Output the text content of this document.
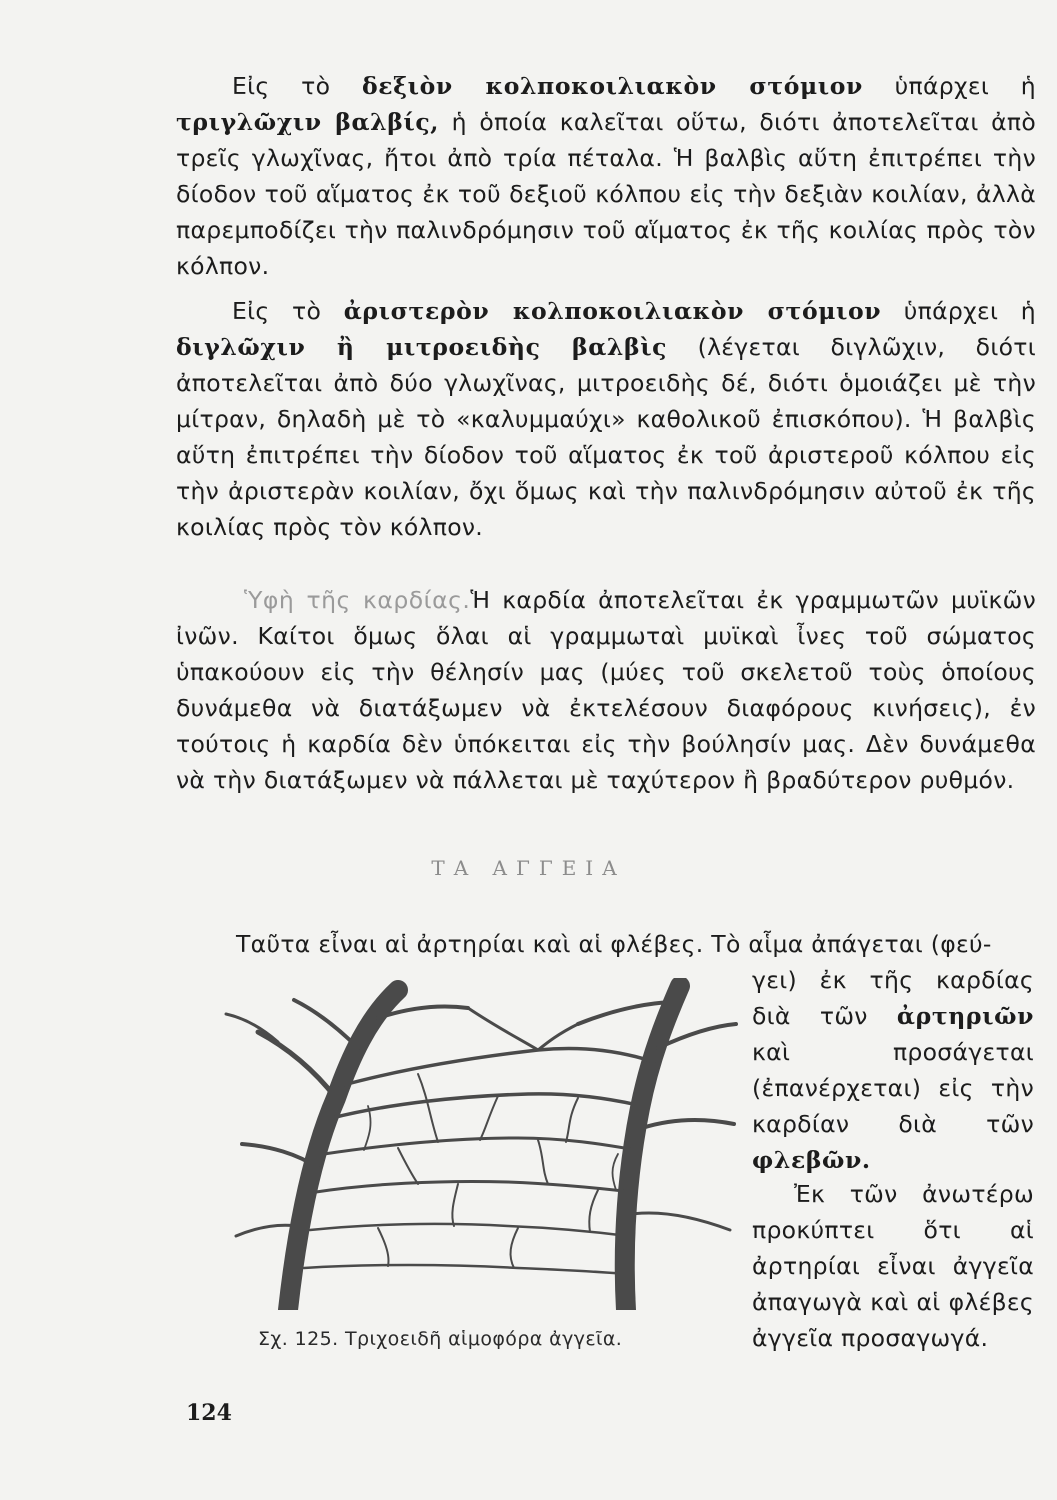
Εἰς τὸ δεξιὸν κολποκοιλιακὸν στόμιον ὑπάρχει ἡ τριγλῶχιν βαλβίς, ἡ ὁποία καλεῖται οὕτω, διότι ἀποτελεῖται ἀπὸ τρεῖς γλωχῖνας, ἤτοι ἀπὸ τρία πέταλα. Ἡ βαλβὶς αὕτη ἐπιτρέπει τὴν δίοδον τοῦ αἵματος ἐκ τοῦ δεξιοῦ κόλπου εἰς τὴν δεξιὰν κοιλίαν, ἀλλὰ παρεμποδίζει τὴν παλινδρόμησιν τοῦ αἵματος ἐκ τῆς κοιλίας πρὸς τὸν κόλπον.

Εἰς τὸ ἀριστερὸν κολποκοιλιακὸν στόμιον ὑπάρχει ἡ διγλῶχιν ἢ μιτροειδὴς βαλβὶς (λέγεται διγλῶχιν, διότι ἀποτελεῖται ἀπὸ δύο γλωχῖνας, μιτροειδὴς δέ, διότι ὁμοιάζει μὲ τὴν μίτραν, δηλαδὴ μὲ τὸ «καλυμμαύχι» καθολικοῦ ἐπισκόπου). Ἡ βαλβὶς αὕτη ἐπιτρέπει τὴν δίοδον τοῦ αἵματος ἐκ τοῦ ἀριστεροῦ κόλπου εἰς τὴν ἀριστερὰν κοιλίαν, ὄχι ὅμως καὶ τὴν παλινδρόμησιν αὐτοῦ ἐκ τῆς κοιλίας πρὸς τὸν κόλπον.

Ὑφὴ τῆς καρδίας.Ἡ καρδία ἀποτελεῖται ἐκ γραμμωτῶν μυϊκῶν ἰνῶν. Καίτοι ὅμως ὅλαι αἱ γραμμωταὶ μυϊκαὶ ἶνες τοῦ σώματος ὑπακούουν εἰς τὴν θέλησίν μας (μύες τοῦ σκελετοῦ τοὺς ὁποίους δυνάμεθα νὰ διατάξωμεν νὰ ἐκτελέσουν διαφόρους κινήσεις), ἐν τούτοις ἡ καρδία δὲν ὑπόκειται εἰς τὴν βούλησίν μας. Δὲν δυνάμεθα νὰ τὴν διατάξωμεν νὰ πάλλεται μὲ ταχύτερον ἢ βραδύτερον ρυθμόν.

ΤΑ ΑΓΓΕΙΑ

Ταῦτα εἶναι αἱ ἀρτηρίαι καὶ αἱ φλέβες. Τὸ αἷμα ἀπάγεται (φεύ-

γει) ἐκ τῆς καρδίας διὰ τῶν ἀρτηριῶν καὶ προσάγεται (ἐπανέρχεται) εἰς τὴν καρδίαν διὰ τῶν φλεβῶν.

Ἐκ τῶν ἀνωτέρω προκύπτει ὅτι αἱ ἀρτηρίαι εἶναι ἀγγεῖα ἀπαγωγὰ καὶ αἱ φλέβες ἀγγεῖα προσαγωγά.

Σχ. 125. Τριχοειδῆ αἱμοφόρα ἀγγεῖα.

124
